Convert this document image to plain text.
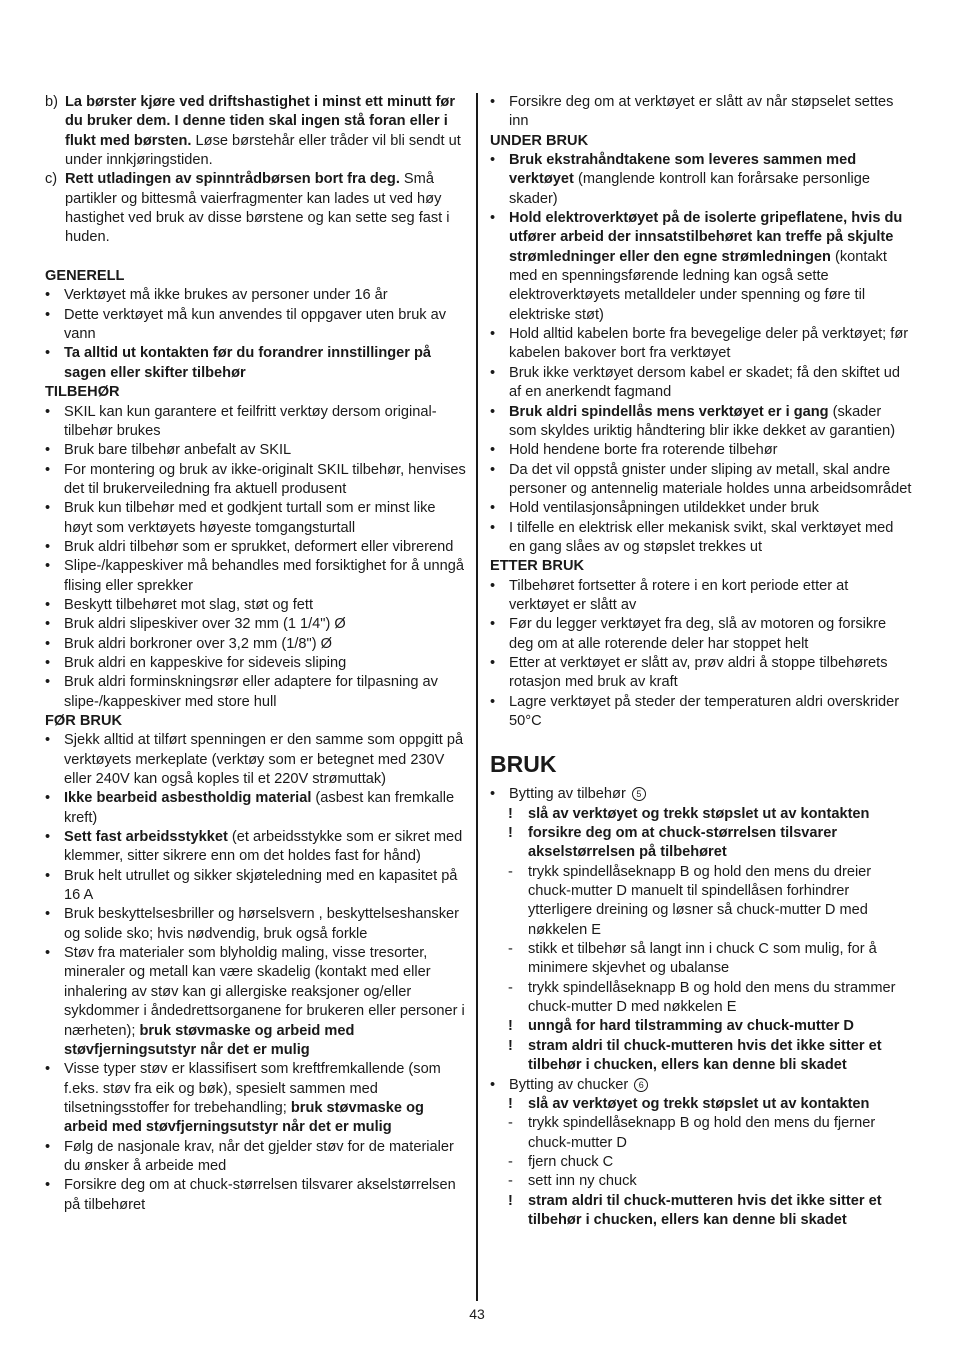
b) La børster kjøre ved driftshastighet i minst ett minutt før du bruker dem. I denne tiden skal ingen stå foran eller i flukt med børsten. Løse børstehår eller tråder vil bli sendt ut under innkjøringstiden.
c) Rett utladingen av spinntrådbørsen bort fra deg. Små partikler og bittesmå vaierfragmenter kan lades ut ved høy hastighet ved bruk av disse børstene og kan sette seg fast i huden.

GENERELL

• Verktøyet må ikke brukes av personer under 16 år
• Dette verktøyet må kun anvendes til oppgaver uten bruk av vann
• Ta alltid ut kontakten før du forandrer innstillinger på sagen eller skifter tilbehør

TILBEHØR

• SKIL kan kun garantere et feilfritt verktøy dersom original-tilbehør brukes
• Bruk bare tilbehør anbefalt av SKIL
• For montering og bruk av ikke-originalt SKIL tilbehør, henvises det til brukerveiledning fra aktuell produsent
• Bruk kun tilbehør med et godkjent turtall som er minst like høyt som verktøyets høyeste tomgangsturtall
• Bruk aldri tilbehør som er sprukket, deformert eller vibrerend
• Slipe-/kappeskiver må behandles med forsiktighet for å unngå flising eller sprekker
• Beskytt tilbehøret mot slag, støt og fett
• Bruk aldri slipeskiver over 32 mm (1 1/4") Ø
• Bruk aldri borkroner over 3,2 mm (1/8") Ø
• Bruk aldri en kappeskive for sideveis sliping
• Bruk aldri forminskningsrør eller adaptere for tilpasning av slipe-/kappeskiver med store hull

FØR BRUK

• Sjekk alltid at tilført spenningen er den samme som oppgitt på verktøyets merkeplate (verktøy som er betegnet med 230V eller 240V kan også koples til et 220V strømuttak)
• Ikke bearbeid asbestholdig material (asbest kan fremkalle kreft)
• Sett fast arbeidsstykket (et arbeidsstykke som er sikret med klemmer, sitter sikrere enn om det holdes fast for hånd)
• Bruk helt utrullet og sikker skjøteledning med en kapasitet på 16 A
• Bruk beskyttelsesbriller og hørselsvern , beskyttelseshansker og solide sko; hvis nødvendig, bruk også forkle
• Støv fra materialer som blyholdig maling, visse tresorter, mineraler og metall kan være skadelig (kontakt med eller inhalering av støv kan gi allergiske reaksjoner og/eller sykdommer i åndedrettsorganene for brukeren eller personer i nærheten); bruk støvmaske og arbeid med støvfjerningsutstyr når det er mulig
• Visse typer støv er klassifisert som kreftfremkallende (som f.eks. støv fra eik og bøk), spesielt sammen med tilsetningsstoffer for trebehandling; bruk støvmaske og arbeid med støvfjerningsutstyr når det er mulig
• Følg de nasjonale krav, når det gjelder støv for de materialer du ønsker å arbeide med
• Forsikre deg om at chuck-størrelsen tilsvarer akselstørrelsen på tilbehøret
• Forsikre deg om at verktøyet er slått av når støpselet settes inn

UNDER BRUK

• Bruk ekstrahåndtakene som leveres sammen med verktøyet (manglende kontroll kan forårsake personlige skader)
• Hold elektroverktøyet på de isolerte gripeflatene, hvis du utfører arbeid der innsatstilbehøret kan treffe på skjulte strømledninger eller den egne strømledningen (kontakt med en spenningsførende ledning kan også sette elektroverktøyets metalldeler under spenning og føre til elektriske støt)
• Hold alltid kabelen borte fra bevegelige deler på verktøyet; før kabelen bakover bort fra verktøyet
• Bruk ikke verktøyet dersom kabel er skadet; få den skiftet ud af en anerkendt fagmand
• Bruk aldri spindellås mens verktøyet er i gang (skader som skyldes uriktig håndtering blir ikke dekket av garantien)
• Hold hendene borte fra roterende tilbehør
• Da det vil oppstå gnister under sliping av metall, skal andre personer og antennelig materiale holdes unna arbeidsområdet
• Hold ventilasjonsåpningen utildekket under bruk
• I tilfelle en elektrisk eller mekanisk svikt, skal verktøyet med en gang slåes av og støpslet trekkes ut

ETTER BRUK

• Tilbehøret fortsetter å rotere i en kort periode etter at verktøyet er slått av
• Før du legger verktøyet fra deg, slå av motoren og forsikre deg om at alle roterende deler har stoppet helt
• Etter at verktøyet er slått av, prøv aldri å stoppe tilbehørets rotasjon med bruk av kraft
• Lagre verktøyet på steder der temperaturen aldri overskrider 50°C

BRUK

• Bytting av tilbehør 5
!	slå av verktøyet og trekk støpslet ut av kontakten
!	forsikre deg om at chuck-størrelsen tilsvarer akselstørrelsen på tilbehøret
-	trykk spindellåseknapp B og hold den mens du dreier chuck-mutter D manuelt til spindellåsen forhindrer ytterligere dreining og løsner så chuck-mutter D med nøkkelen E
-	stikk et tilbehør så langt inn i chuck C som mulig, for å minimere skjevhet og ubalanse
-	trykk spindellåseknapp B og hold den mens du strammer chuck-mutter D med nøkkelen E
!	unngå for hard tilstramming av chuck-mutter D
!	stram aldri til chuck-mutteren hvis det ikke sitter et tilbehør i chucken, ellers kan denne bli skadet
• Bytting av chucker 6
!	slå av verktøyet og trekk støpslet ut av kontakten
-	trykk spindellåseknapp B og hold den mens du fjerner chuck-mutter D
-	fjern chuck C
-	sett inn ny chuck
!	stram aldri til chuck-mutteren hvis det ikke sitter et tilbehør i chucken, ellers kan denne bli skadet
43
